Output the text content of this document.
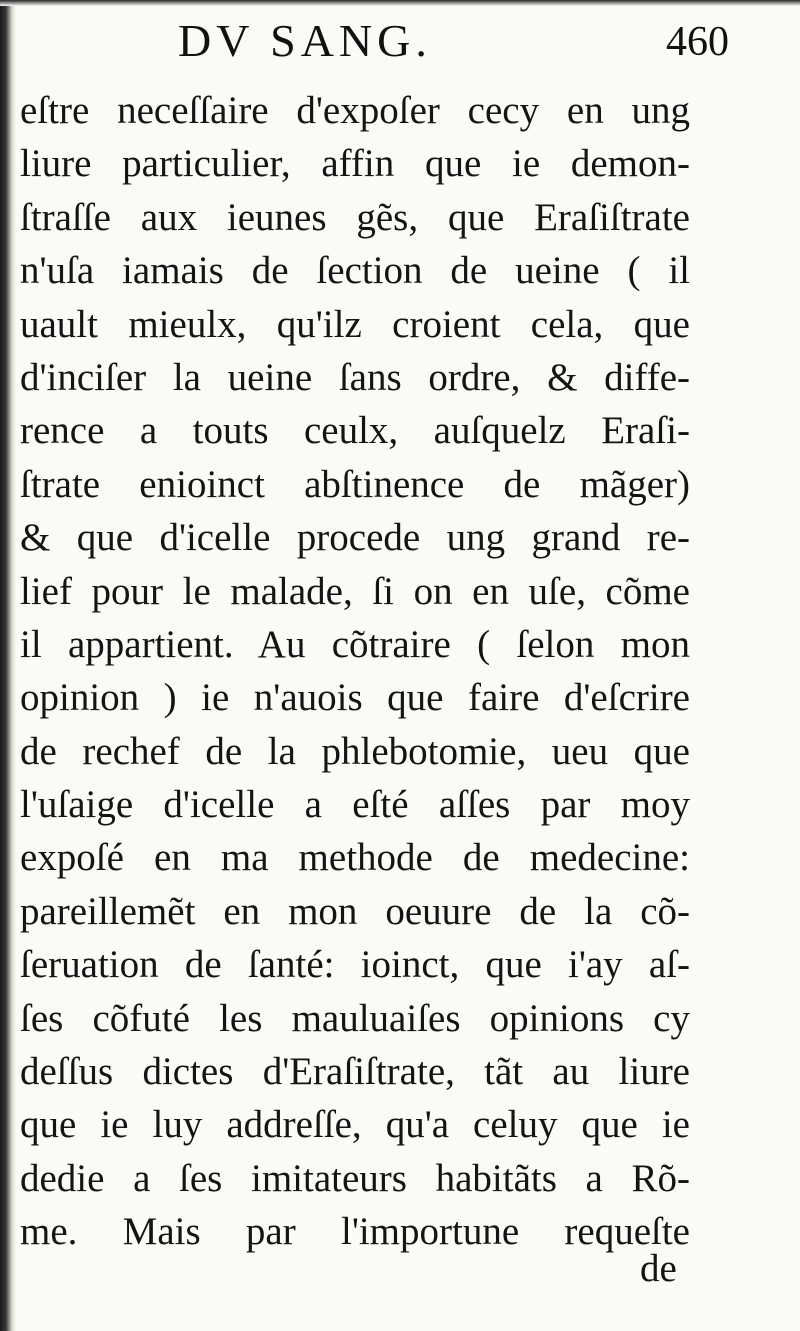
DV SANG.	460
eſtre neceſſaire d'expoſer cecy en ung
liure particulier, affin que ie demon-
ſtraſſe aux ieunes gẽs, que Eraſiſtrate
n'uſa iamais de ſection de ueine ( il
uault mieulx, qu'ilz croient cela, que
d'inciſer la ueine ſans ordre, & diffe-
rence a touts ceulx, auſquelz Eraſi-
ſtrate enioinct abſtinence de mãger)
& que d'icelle procede ung grand re-
lief pour le malade, ſi on en uſe, cõme
il appartient. Au cõtraire ( ſelon mon
opinion ) ie n'auois que faire d'eſcrire
de rechef de la phlebotomie, ueu que
l'uſaige d'icelle a eſté aſſes par moy
expoſé en ma methode de medecine:
pareillemẽt en mon oeuure de la cõ-
ſeruation de ſanté: ioinct, que i'ay aſ-
ſes cõfuté les mauluaiſes opinions cy
deſſus dictes d'Eraſiſtrate, tãt au liure
que ie luy addreſſe, qu'a celuy que ie
dedie a ſes imitateurs habitãts a Rõ-
me. Mais par l'importune requeſte
de
